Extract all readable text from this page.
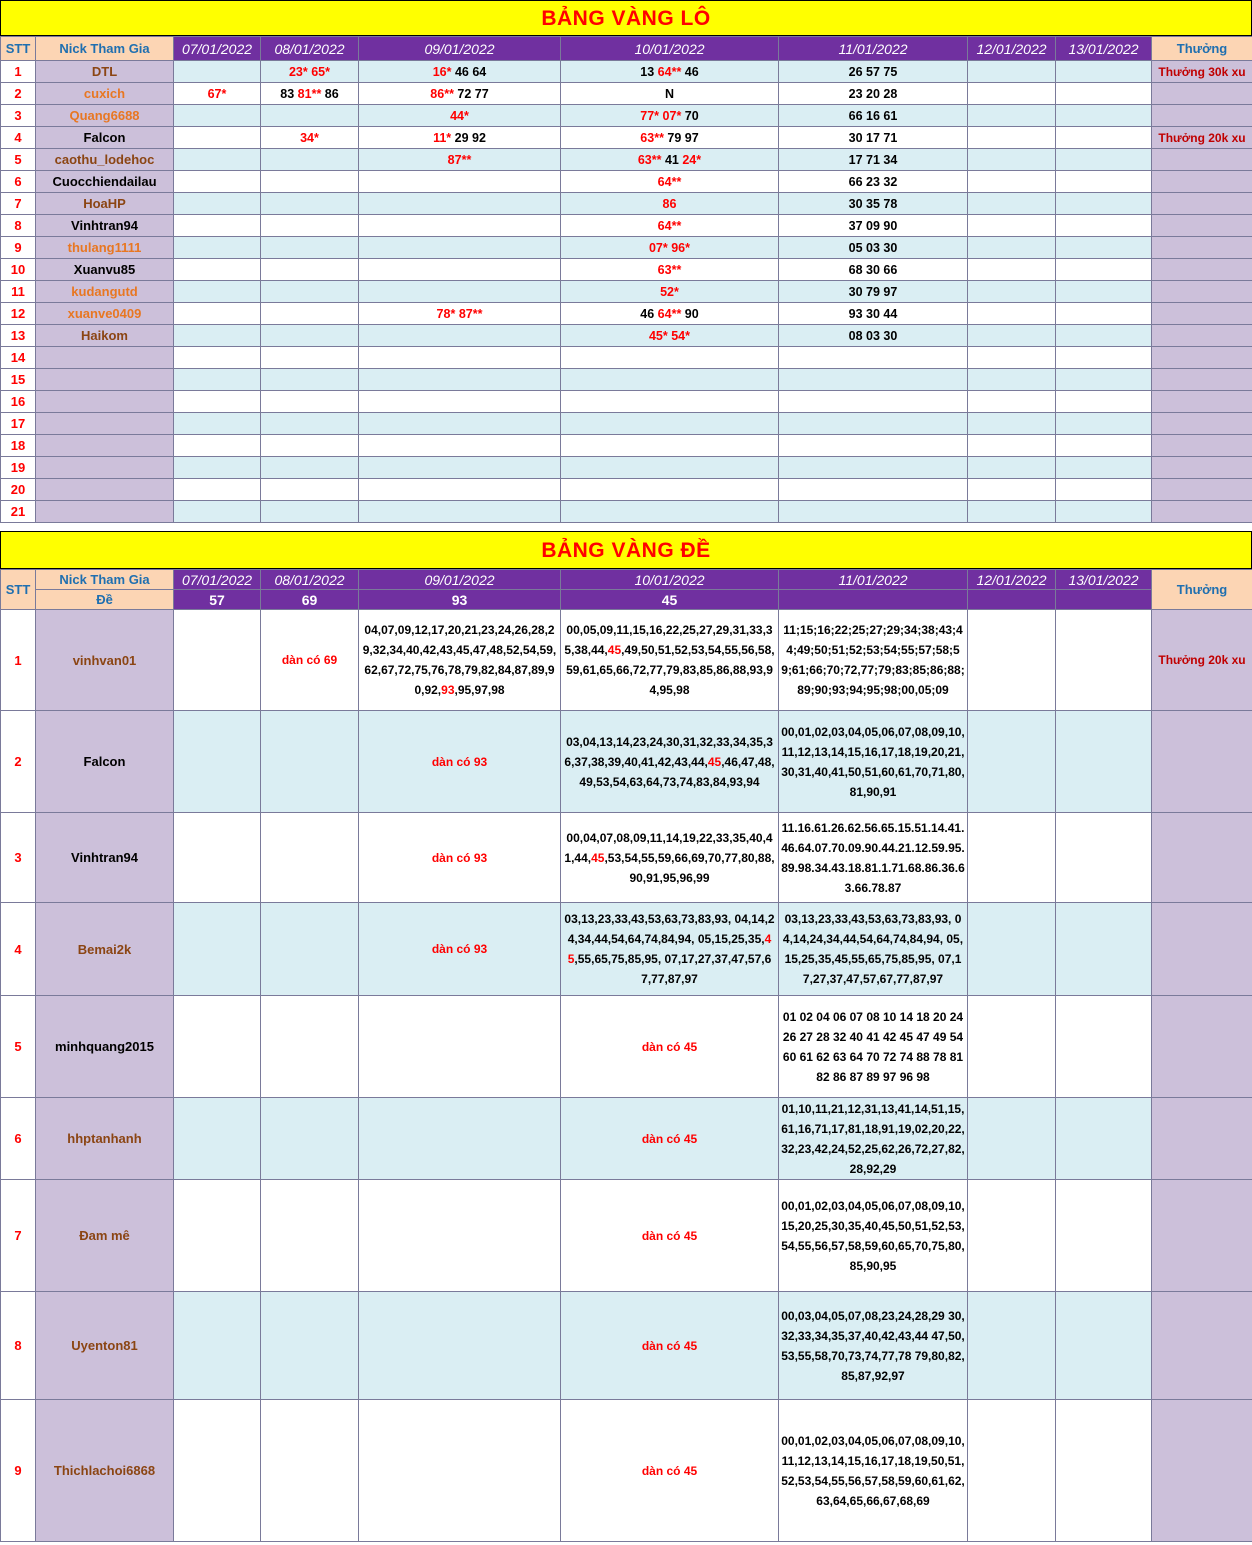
BẢNG VÀNG LÔ
STT	Nick Tham Gia	07/01/2022	08/01/2022	09/01/2022	10/01/2022	11/01/2022	12/01/2022	13/01/2022	Thưởng
1	DTL		23* 65*	16* 46 64	13 64** 46	26 57 75			Thưởng 30k xu
2	cuxich	67*	83 81** 86	86** 72 77	N	23 20 28			
3	Quang6688			44*	77* 07* 70	66 16 61			
4	Falcon		34*	11* 29 92	63** 79 97	30 17 71			Thưởng 20k xu
5	caothu_lodehoc			87**	63** 41 24*	17 71 34			
6	Cuocchiendailau				64**	66 23 32			
7	HoaHP				86	30 35 78			
8	Vinhtran94				64**	37 09 90			
9	thulang1111				07* 96*	05 03 30			
10	Xuanvu85				63**	68 30 66			
11	kudangutd				52*	30 79 97			
12	xuanve0409			78* 87**	46 64** 90	93 30 44			
13	Haikom				45* 54*	08 03 30			
14									
15									
16									
17									
18									
19									
20									
21									
BẢNG VÀNG ĐỀ
STT	Nick Tham Gia	07/01/2022	08/01/2022	09/01/2022	10/01/2022	11/01/2022	12/01/2022	13/01/2022	Thưởng
	Đề	57	69	93	45				
1	vinhvan01		dàn có 69	04,07,09,12,17,20,21,23,24,26,28,29,32,34,40,42,43,45,47,48,52,54,59,62,67,72,75,76,78,79,82,84,87,89,90,92,93,95,97,98	00,05,09,11,15,16,22,25,27,29,31,33,35,38,44,45,49,50,51,52,53,54,55,56,58,59,61,65,66,72,77,79,83,85,86,88,93,94,95,98	11;15;16;22;25;27;29;34;38;43;44;49;50;51;52;53;54;55;57;58;59;61;66;70;72,77;79;83;85;86;88;89;90;93;94;95;98;00,05;09			Thưởng 20k xu
2	Falcon			dàn có 93	03,04,13,14,23,24,30,31,32,33,34,35,36,37,38,39,40,41,42,43,44,45,46,47,48,49,53,54,63,64,73,74,83,84,93,94	00,01,02,03,04,05,06,07,08,09,10,11,12,13,14,15,16,17,18,19,20,21,30,31,40,41,50,51,60,61,70,71,80,81,90,91			
3	Vinhtran94			dàn có 93	00,04,07,08,09,11,14,19,22,33,35,40,41,44,45,53,54,55,59,66,69,70,77,80,88,90,91,95,96,99	11.16.61.26.62.56.65.15.51.14.41.46.64.07.70.09.90.44.21.12.59.95.89.98.34.43.18.81.1.71.68.86.36.63.66.78.87			
4	Bemai2k			dàn có 93	03,13,23,33,43,53,63,73,83,93, 04,14,24,34,44,54,64,74,84,94, 05,15,25,35,45,55,65,75,85,95, 07,17,27,37,47,57,67,77,87,97	03,13,23,33,43,53,63,73,83,93, 04,14,24,34,44,54,64,74,84,94, 05,15,25,35,45,55,65,75,85,95, 07,17,27,37,47,57,67,77,87,97			
5	minhquang2015				dàn có 45	01 02 04 06 07 08 10 14 18 20 24 26 27 28 32 40 41 42 45 47 49 54 60 61 62 63 64 70 72 74 88 78 81 82 86 87 89 97 96 98			
6	hhptanhanh				dàn có 45	01,10,11,21,12,31,13,41,14,51,15,61,16,71,17,81,18,91,19,02,20,22,32,23,42,24,52,25,62,26,72,27,82,28,92,29			
7	Đam mê				dàn có 45	00,01,02,03,04,05,06,07,08,09,10,15,20,25,30,35,40,45,50,51,52,53,54,55,56,57,58,59,60,65,70,75,80,85,90,95			
8	Uyenton81				dàn có 45	00,03,04,05,07,08,23,24,28,29 30,32,33,34,35,37,40,42,43,44 47,50,53,55,58,70,73,74,77,78 79,80,82,85,87,92,97			
9	Thichlachoi6868				dàn có 45	00,01,02,03,04,05,06,07,08,09,10,11,12,13,14,15,16,17,18,19,50,51,52,53,54,55,56,57,58,59,60,61,62,63,64,65,66,67,68,69			
